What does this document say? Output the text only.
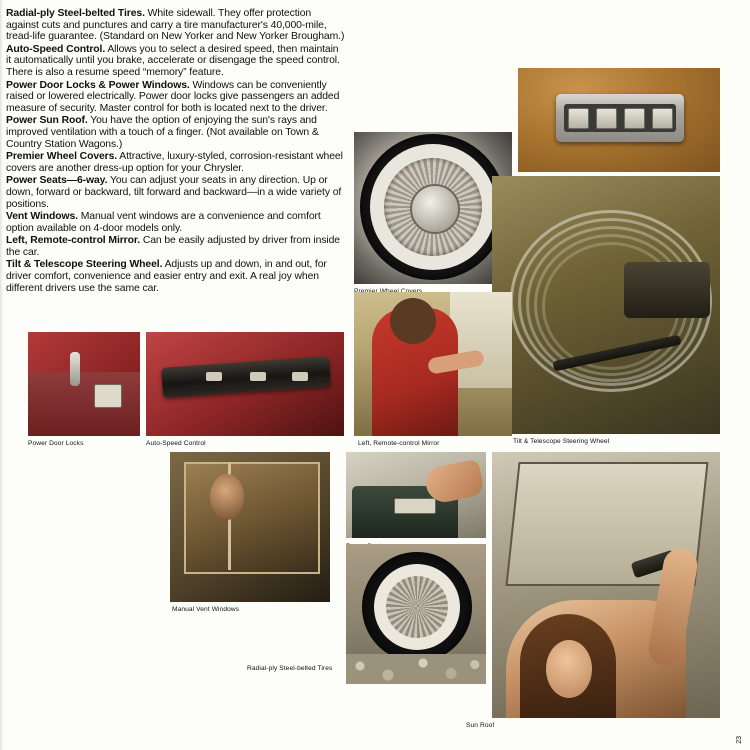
Radial-ply Steel-belted Tires. White sidewall. They offer protection against cuts and punctures and carry a tire manufacturer's 40,000-mile, tread-life guarantee. (Standard on New Yorker and New Yorker Brougham.)

Auto-Speed Control. Allows you to select a desired speed, then maintain it automatically until you brake, accelerate or disengage the speed control. There is also a resume speed “memory” feature.

Power Door Locks & Power Windows. Windows can be conveniently raised or lowered electrically. Power door locks give passengers an added measure of security. Master control for both is located next to the driver.

Power Sun Roof. You have the option of enjoying the sun's rays and improved ventilation with a touch of a finger. (Not available on Town & Country Station Wagons.)

Premier Wheel Covers. Attractive, luxury-styled, corrosion-resistant wheel covers are another dress-up option for your Chrysler.

Power Seats—6-way. You can adjust your seats in any direction. Up or down, forward or backward, tilt forward and backward—in a wide variety of positions.

Vent Windows. Manual vent windows are a convenience and comfort option available on 4-door models only.

Left, Remote-control Mirror. Can be easily adjusted by driver from inside the car.

Tilt & Telescope Steering Wheel. Adjusts up and down, in and out, for driver comfort, convenience and easier entry and exit. A real joy when different drivers use the same car.

Tilt & Telescope Steering Wheel
Power Door Locks	Auto-Speed Control	Left, Remote-control Mirror
Manual Vent Windows
Radial-ply Steel-belted Tires
Sun Roof
23
